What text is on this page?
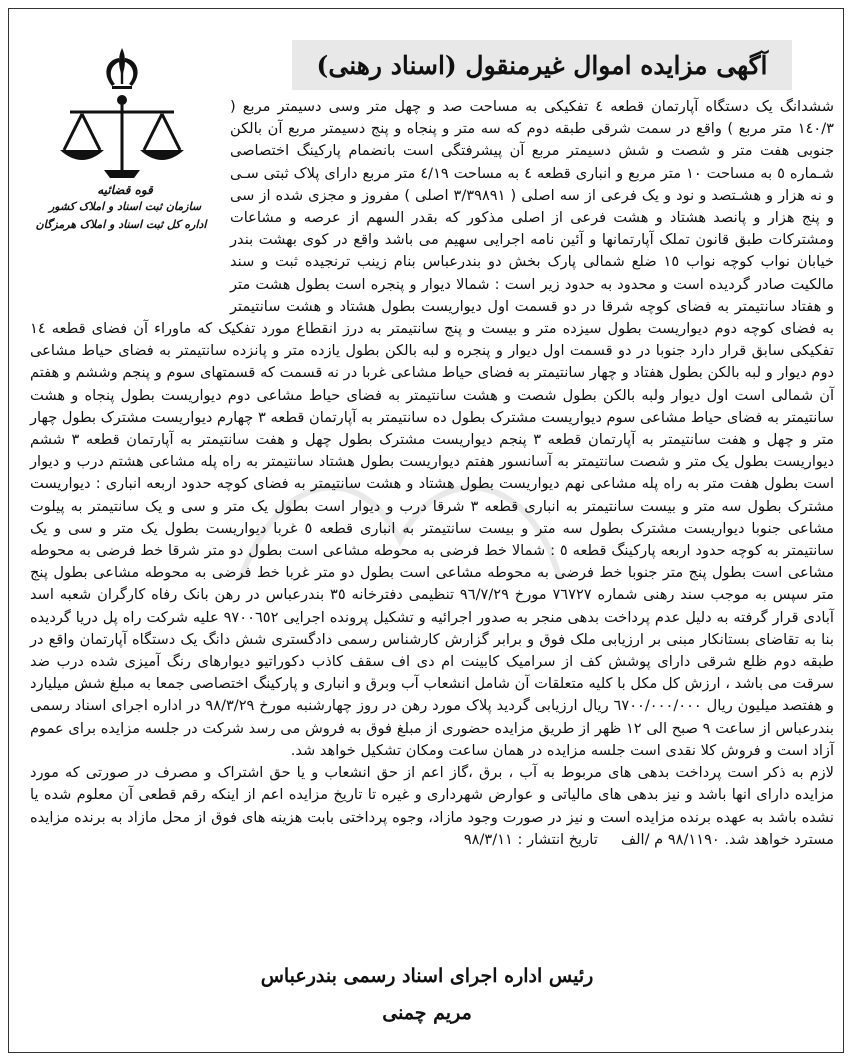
آگهی مزایده اموال غیرمنقول (اسناد رهنی)
قوه قضائیه
سازمان ثبت اسناد و املاک کشور
اداره کل ثبت اسناد و املاک هرمزگان

ششدانگ یک دستگاه آپارتمان قطعه ٤ تفکیکی به مساحت صد و چهل متر وسی دسیمتر مربع ( ١٤٠/٣ متر مربع ) واقع در سمت شرقی طبقه دوم که سه متر و پنجاه و پنج دسیمتر مربع آن بالکن جنوبی هفت متر و شصت و شش دسیمتر مربع آن پیشرفتگی است بانضمام پارکینگ اختصاصی شـماره ٥ به مساحت ١٠ متر مربع و انباری قطعه ٤ به مساحت ٤/١٩ متر مربع دارای پلاک ثبتی سـی و نه هزار و هشـتصد و نود و یک فرعی از سه اصلی ( ٣/٣٩٨٩١ اصلی ) مفروز و مجزی شده از سی و پنج هزار و پانصد هشتاد و هشت فرعی از اصلی مذکور که بقدر السهم از عرصه و مشاعات ومشترکات طبق قانون تملک آپارتمانها و آئین نامه اجرایی سهیم می باشد واقع در کوی بهشت بندر خیابان نواب کوچه نواب ١٥ ضلع شمالی پارک بخش دو بندرعباس بنام زینب ترنجیده ثبت و سند مالکیت صادر گردیده است و محدود به حدود زیر است : شمالا دیوار و پنجره است بطول هشت متر و هفتاد سانتیمتر به فضای کوچه شرقا در دو قسمت اول دیواریست بطول هشتاد و هشت سانتیمتر به فضای کوچه دوم دیواریست بطول سیزده متر و بیست و پنج سانتیمتر به درز انقطاع مورد تفکیک که ماوراء آن فضای قطعه ١٤ تفکیکی سابق قرار دارد جنوبا در دو قسمت اول دیوار و پنجره و لبه بالکن بطول یازده متر و پانزده سانتیمتر به فضای حیاط مشاعی دوم دیوار و لبه بالکن بطول هفتاد و چهار سانتیمتر به فضای حیاط مشاعی غربا در نه قسمت که قسمتهای سوم و پنجم وششم و هفتم آن شمالی است اول دیوار ولبه بالکن بطول شصت و هشت سانتیمتر به فضای حیاط مشاعی دوم دیواریست بطول پنجاه و هشت سانتیمتر به فضای حیاط مشاعی سوم دیواریست مشترک بطول ده سانتیمتر به آپارتمان قطعه ٣ چهارم دیواریست مشترک بطول چهار متر و چهل و هفت سانتیمتر به آپارتمان قطعه ٣ پنجم دیواریست مشترک بطول چهل و هفت سانتیمتر به آپارتمان قطعه ٣ ششم دیواریست بطول یک متر و شصت سانتیمتر به آسانسور هفتم دیواریست بطول هشتاد سانتیمتر به راه پله مشاعی هشتم درب و دیوار است بطول هفت متر به راه پله مشاعی نهم دیواریست بطول هشتاد و هشت سانتیمتر به فضای کوچه حدود اربعه انباری : دیواریست مشترک بطول سه متر و بیست سانتیمتر به انباری قطعه ٣ شرقا درب و دیوار است بطول یک متر و سی و یک سانتیمتر به پیلوت مشاعی جنوبا دیواریست مشترک بطول سه متر و بیست سانتیمتر به انباری قطعه ٥ غربا دیواریست بطول یک متر و سی و یک سانتیمتر به کوچه حدود اربعه پارکینگ قطعه ٥ : شمالا خط فرضی به محوطه مشاعی است بطول دو متر شرقا خط فرضی به محوطه مشاعی است بطول پنج متر جنوبا خط فرضی به محوطه مشاعی است بطول دو متر غربا خط فرضی به محوطه مشاعی بطول پنج متر سپس به موجب سند رهنی شماره ٧٦٧٢٧ مورخ ٩٦/٧/٢٩ تنظیمی دفترخانه ٣٥ بندرعباس در رهن بانک رفاه کارگران شعبه اسد آبادی قرار گرفته به دلیل عدم پرداخت بدهی منجر به صدور اجرائیه و تشکیل پرونده اجرایی ٩٧٠٠٦٥٢ علیه شرکت راه پل دریا گردیده بنا به تقاضای بستانکار مبنی بر ارزیابی ملک فوق و برابر گزارش کارشناس رسمی دادگستری شش دانگ یک دستگاه آپارتمان واقع در طبقه دوم ظلع شرقی دارای پوشش کف از سرامیک کابینت ام دی اف سقف کاذب دکوراتیو دیوارهای رنگ آمیزی شده درب ضد سرقت می باشد ، ارزش کل مکل با کلیه متعلقات آن شامل انشعاب آب وبرق و انباری و پارکینگ اختصاصی جمعا به مبلغ شش میلیارد و هفتصد میلیون ریال ٦٧٠٠/٠٠٠/٠٠٠ ریال ارزیابی گردید پلاک مورد رهن در روز چهارشنبه مورخ ٩٨/٣/٢٩ در اداره اجرای اسناد رسمی بندرعباس از ساعت ٩ صبح الی ١٢ ظهر از طریق مزایده حضوری از مبلغ فوق به فروش می رسد شرکت در جلسه مزایده برای عموم آزاد است و فروش کلا نقدی است جلسه مزایده در همان ساعت ومکان تشکیل خواهد شد.

لازم به ذکر است پرداخت بدهی های مربوط به آب ، برق ،گاز اعم از حق انشعاب و یا حق اشتراک و مصرف در صورتی که مورد مزایده دارای انها باشد و نیز بدهی های مالیاتی و عوارض شهرداری و غیره تا تاریخ مزایده اعم از اینکه رقم قطعی آن معلوم شده یا نشده باشد به عهده برنده مزایده است و نیز در صورت وجود مازاد، وجوه پرداختی بابت هزینه های فوق از محل مازاد به برنده مزایده مسترد خواهد شد. ٩٨/١١٩٠ م /الف     تاریخ انتشار : ٩٨/٣/١١

رئیس اداره اجرای اسناد رسمی بندرعباس
مریم چمنی
